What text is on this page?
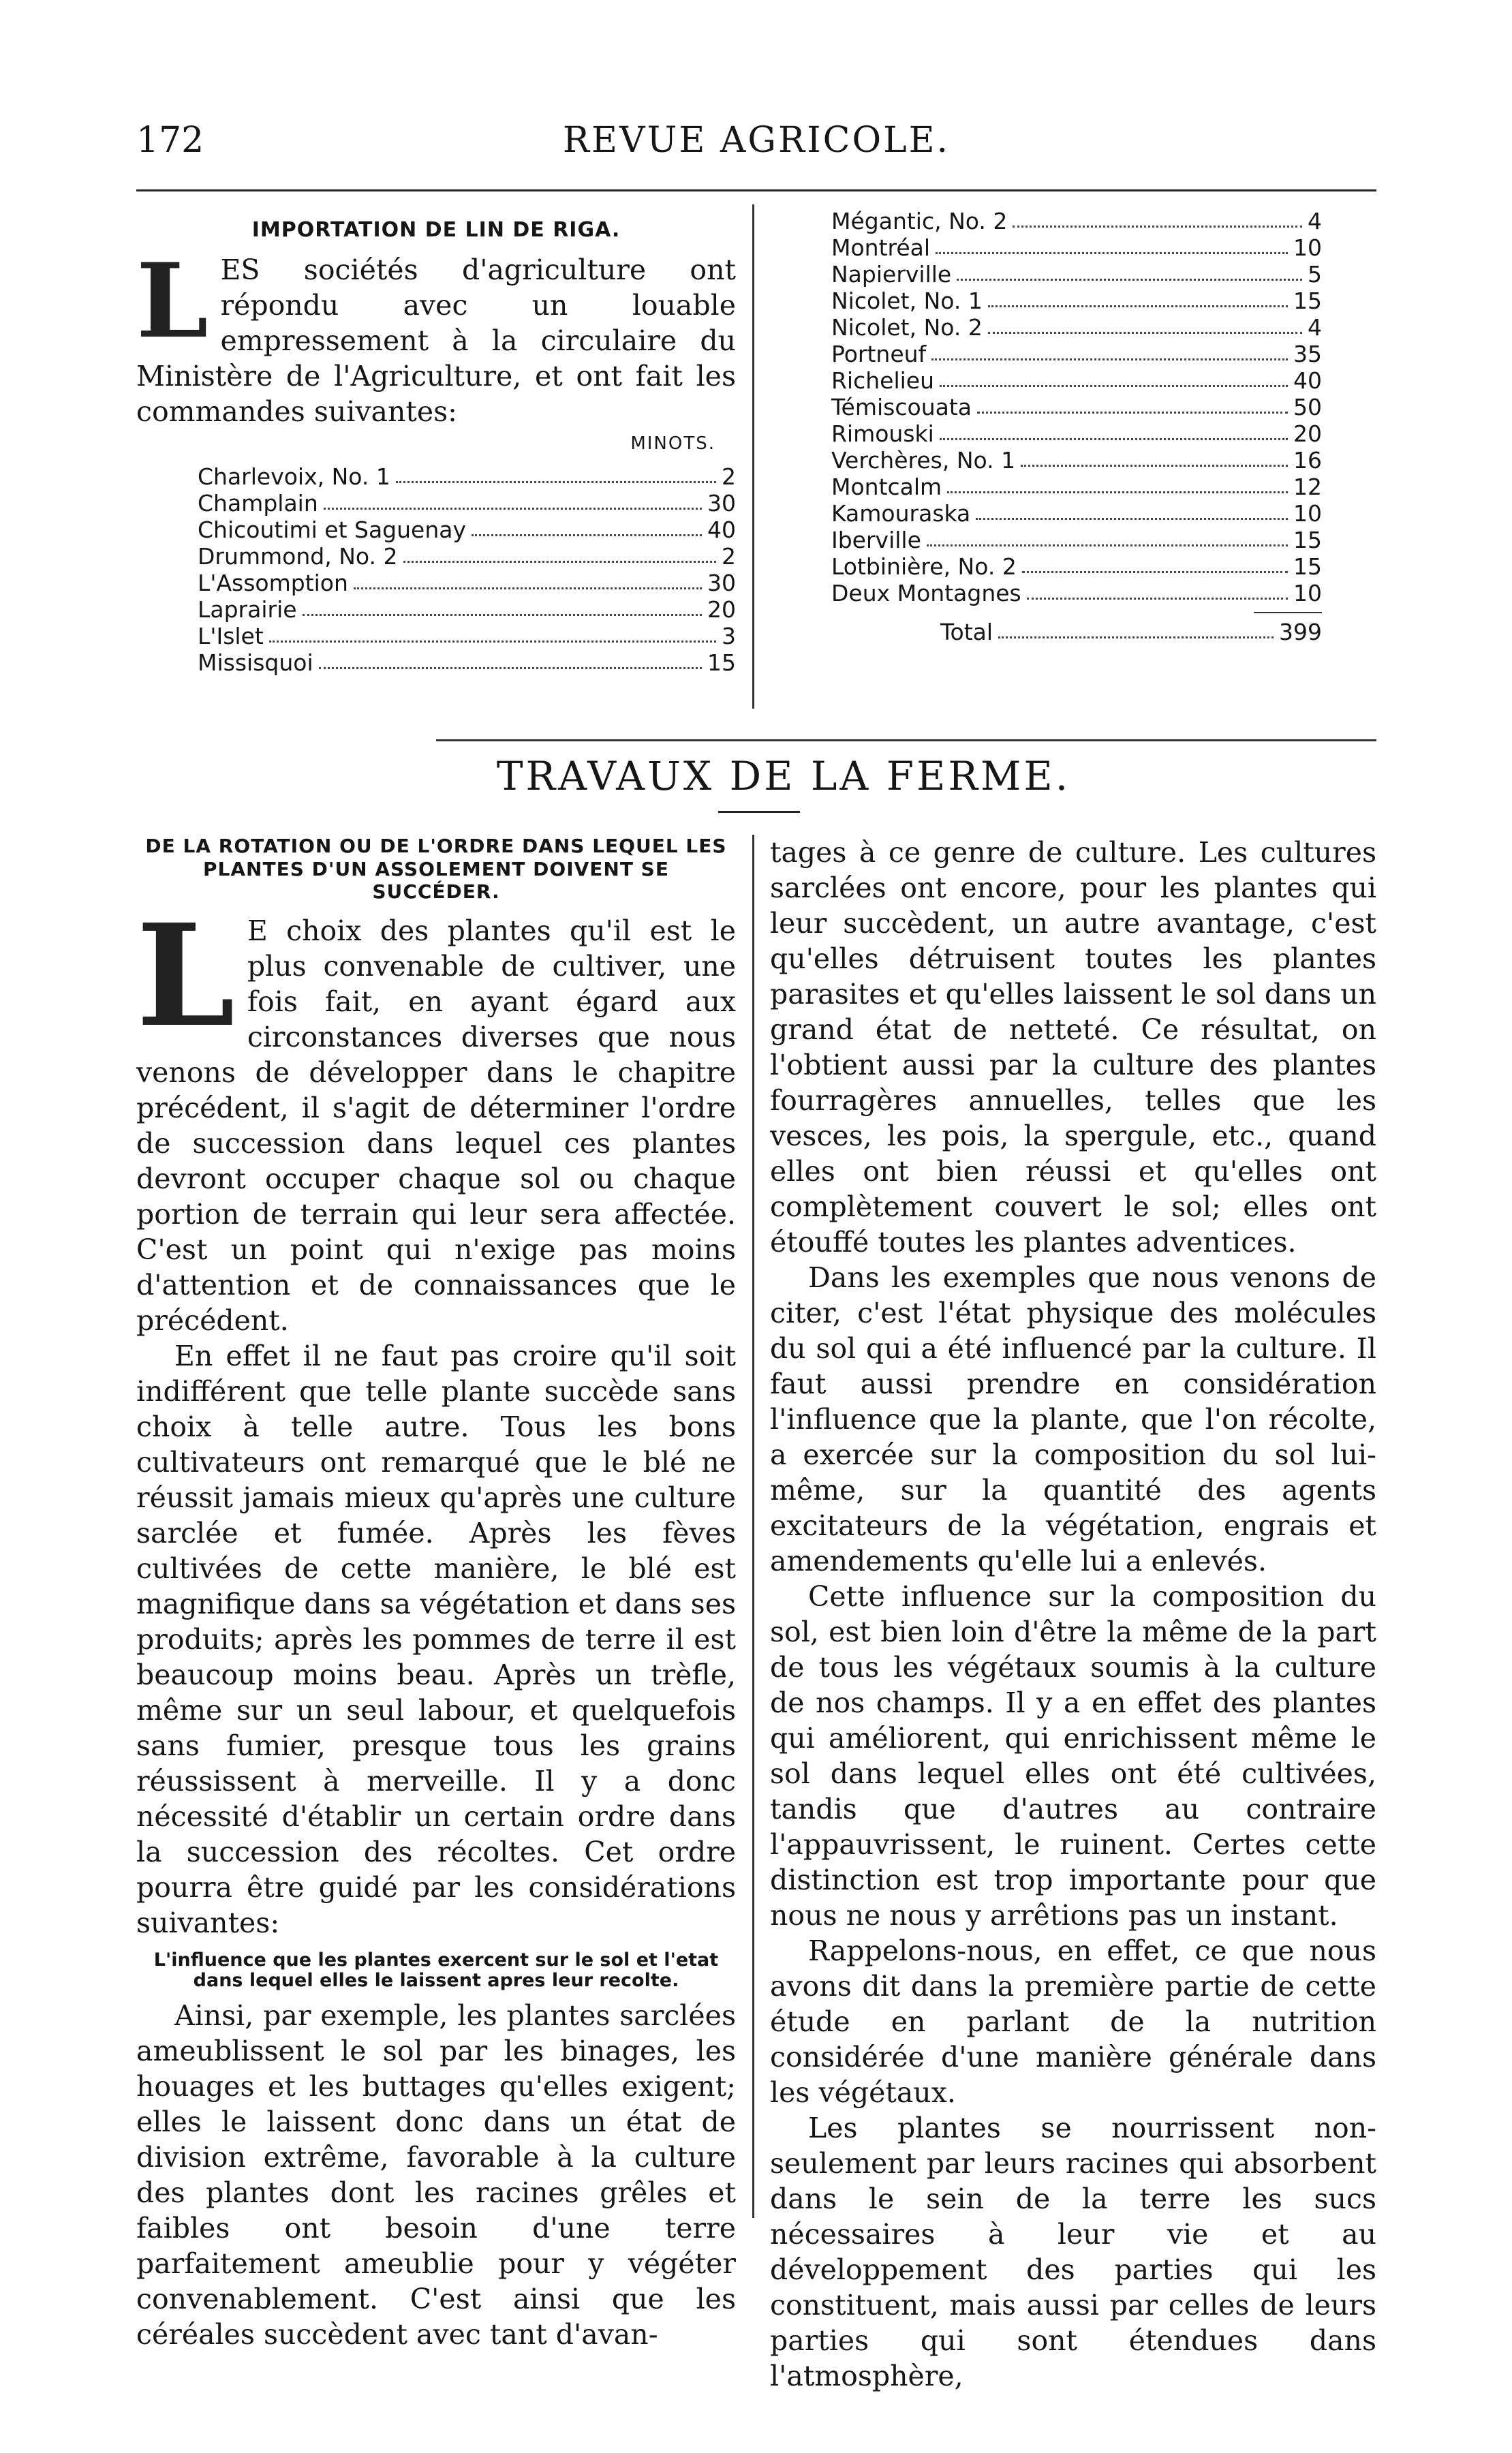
172	REVUE AGRICOLE.
IMPORTATION DE LIN DE RIGA.
L ES sociétés d'agriculture ont répondu avec un louable empressement à la circulaire du Ministère de l'Agriculture, et ont fait les commandes suivantes:

MINOTS.
Charlevoix, No. 1	2
Champlain	30
Chicoutimi et Saguenay	40
Drummond, No. 2	2
L'Assomption	30
Laprairie	20
L'Islet	3
Missisquoi	15
Mégantic, No. 2	4
Montréal	10
Napierville	5
Nicolet, No. 1	15
Nicolet, No. 2	4
Portneuf	35
Richelieu	40
Témiscouata	50
Rimouski	20
Verchères, No. 1	16
Montcalm	12
Kamouraska	10
Iberville	15
Lotbinière, No. 2	15
Deux Montagnes	10
Total	399
TRAVAUX DE LA FERME.
DE LA ROTATION OU DE L'ORDRE DANS LEQUEL LES PLANTES D'UN ASSOLEMENT DOIVENT SE SUCCÉDER.
L E choix des plantes qu'il est le plus convenable de cultiver, une fois fait, en ayant égard aux circonstances diverses que nous venons de développer dans le chapitre précédent, il s'agit de déterminer l'ordre de succession dans lequel ces plantes devront occuper chaque sol ou chaque portion de terrain qui leur sera affectée. C'est un point qui n'exige pas moins d'attention et de connaissances que le précédent.

En effet il ne faut pas croire qu'il soit indifférent que telle plante succède sans choix à telle autre. Tous les bons cultivateurs ont remarqué que le blé ne réussit jamais mieux qu'après une culture sarclée et fumée. Après les fèves cultivées de cette manière, le blé est magnifique dans sa végétation et dans ses produits; après les pommes de terre il est beaucoup moins beau. Après un trèfle, même sur un seul labour, et quelquefois sans fumier, presque tous les grains réussissent à merveille. Il y a donc nécessité d'établir un certain ordre dans la succession des récoltes. Cet ordre pourra être guidé par les considérations suivantes:

L'influence que les plantes exercent sur le sol et l'etat dans lequel elles le laissent apres leur recolte.

Ainsi, par exemple, les plantes sarclées ameublissent le sol par les binages, les houages et les buttages qu'elles exigent; elles le laissent donc dans un état de division extrême, favorable à la culture des plantes dont les racines grêles et faibles ont besoin d'une terre parfaitement ameublie pour y végéter convenablement. C'est ainsi que les céréales succèdent avec tant d'avan-

tages à ce genre de culture. Les cultures sarclées ont encore, pour les plantes qui leur succèdent, un autre avantage, c'est qu'elles détruisent toutes les plantes parasites et qu'elles laissent le sol dans un grand état de netteté. Ce résultat, on l'obtient aussi par la culture des plantes fourragères annuelles, telles que les vesces, les pois, la spergule, etc., quand elles ont bien réussi et qu'elles ont complètement couvert le sol; elles ont étouffé toutes les plantes adventices.

Dans les exemples que nous venons de citer, c'est l'état physique des molécules du sol qui a été influencé par la culture. Il faut aussi prendre en considération l'influence que la plante, que l'on récolte, a exercée sur la composition du sol lui-même, sur la quantité des agents excitateurs de la végétation, engrais et amendements qu'elle lui a enlevés.

Cette influence sur la composition du sol, est bien loin d'être la même de la part de tous les végétaux soumis à la culture de nos champs. Il y a en effet des plantes qui améliorent, qui enrichissent même le sol dans lequel elles ont été cultivées, tandis que d'autres au contraire l'appauvrissent, le ruinent. Certes cette distinction est trop importante pour que nous ne nous y arrêtions pas un instant.

Rappelons-nous, en effet, ce que nous avons dit dans la première partie de cette étude en parlant de la nutrition considérée d'une manière générale dans les végétaux.

Les plantes se nourrissent non-seulement par leurs racines qui absorbent dans le sein de la terre les sucs nécessaires à leur vie et au développement des parties qui les constituent, mais aussi par celles de leurs parties qui sont étendues dans l'atmosphère,
